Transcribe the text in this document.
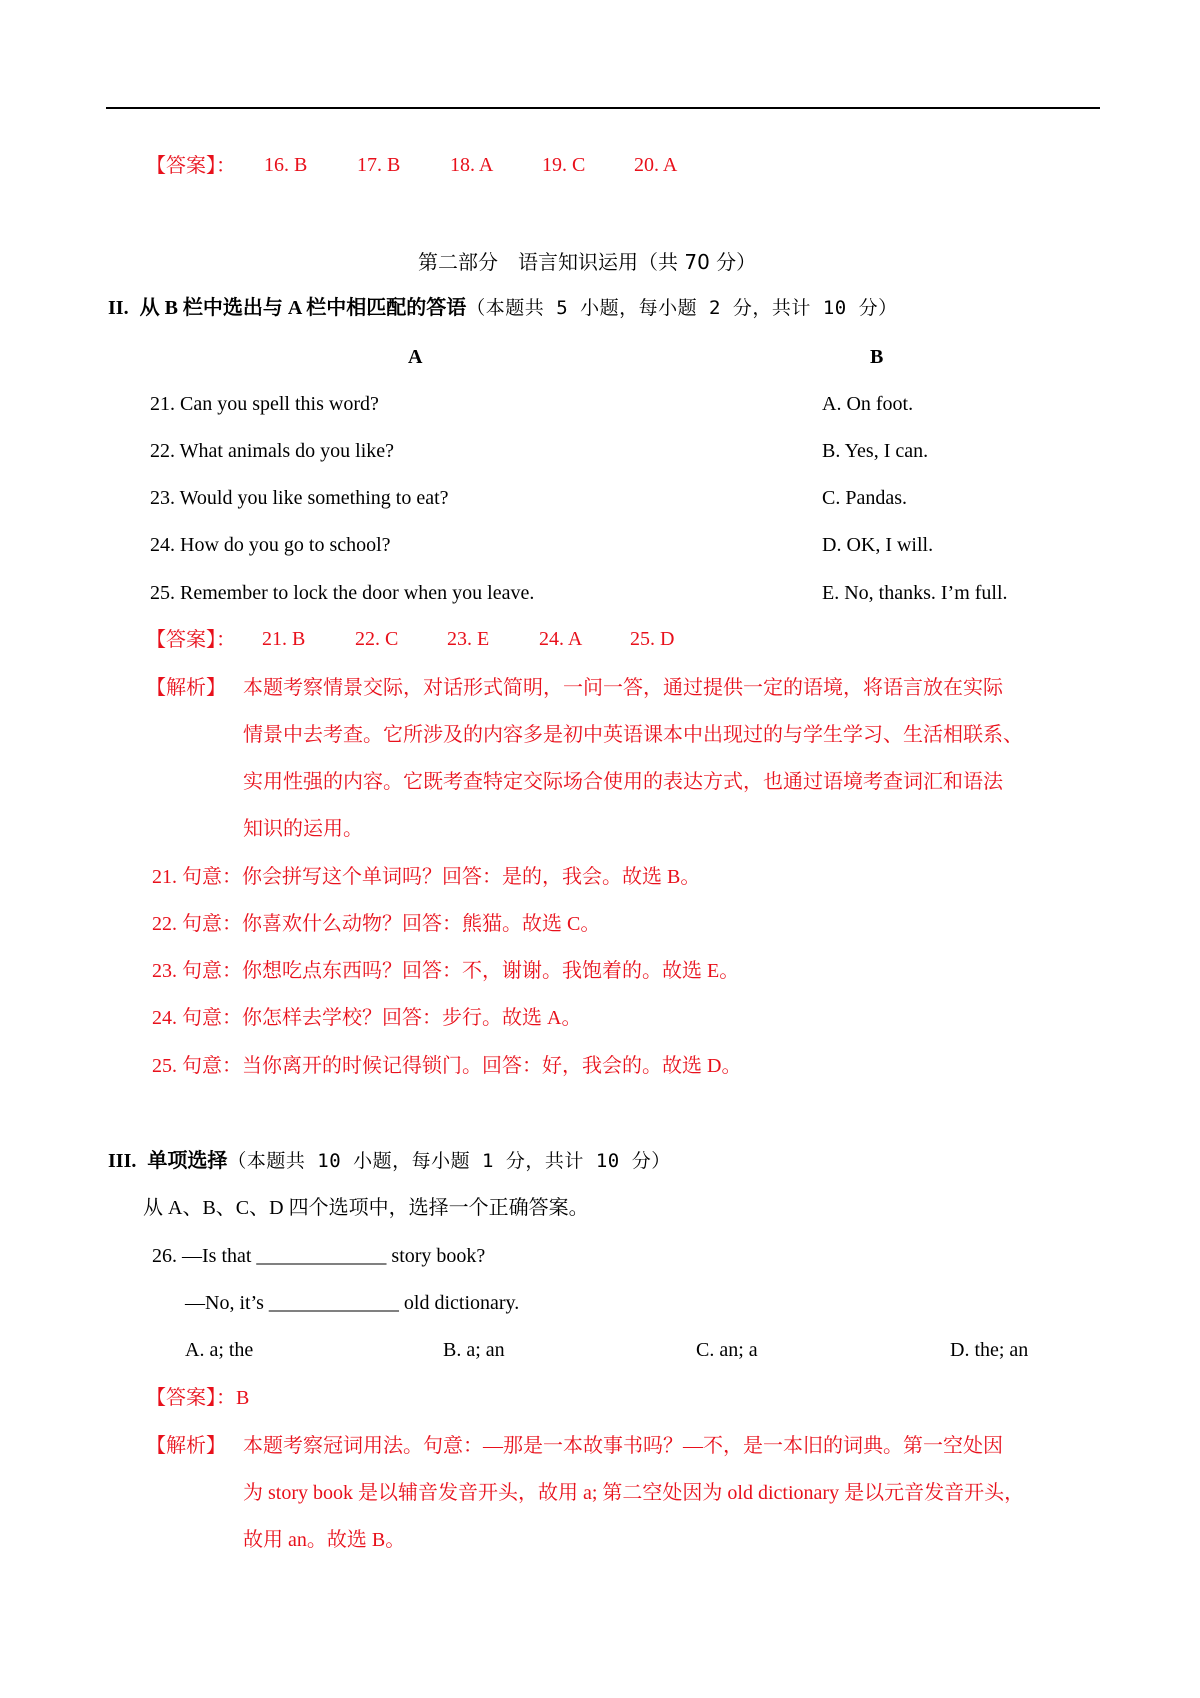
【答案】： 16. B 17. B 18. A 19. C 20. A
第二部分　语言知识运用（共 70 分）
II. 从 B 栏中选出与 A 栏中相匹配的答语（本题共 5 小题，每小题 2 分，共计 10 分）
A	B
21. Can you spell this word?	A. On foot.
22. What animals do you like?	B. Yes, I can.
23. Would you like something to eat?	C. Pandas.
24. How do you go to school?	D. OK, I will.
25. Remember to lock the door when you leave.	E. No, thanks. I’m full.
【答案】： 21. B 22. C 23. E 24. A 25. D
【解析】 本题考察情景交际，对话形式简明，一问一答，通过提供一定的语境，将语言放在实际
情景中去考查。它所涉及的内容多是初中英语课本中出现过的与学生学习、生活相联系、
实用性强的内容。它既考查特定交际场合使用的表达方式，也通过语境考查词汇和语法
知识的运用。
21. 句意：你会拼写这个单词吗？回答：是的，我会。故选 B。
22. 句意：你喜欢什么动物？回答：熊猫。故选 C。
23. 句意：你想吃点东西吗？回答：不，谢谢。我饱着的。故选 E。
24. 句意：你怎样去学校？回答：步行。故选 A。
25. 句意：当你离开的时候记得锁门。回答：好，我会的。故选 D。
III. 单项选择（本题共 10 小题，每小题 1 分，共计 10 分）
从 A、B、C、D 四个选项中，选择一个正确答案。
26. —Is that _____________ story book?
—No, it’s _____________ old dictionary.
A. a; the	B. a; an	C. an; a	D. the; an
【答案】：B
【解析】 本题考察冠词用法。句意：—那是一本故事书吗？—不，是一本旧的词典。第一空处因
为 story book 是以辅音发音开头，故用 a; 第二空处因为 old dictionary 是以元音发音开头，
故用 an。故选 B。
